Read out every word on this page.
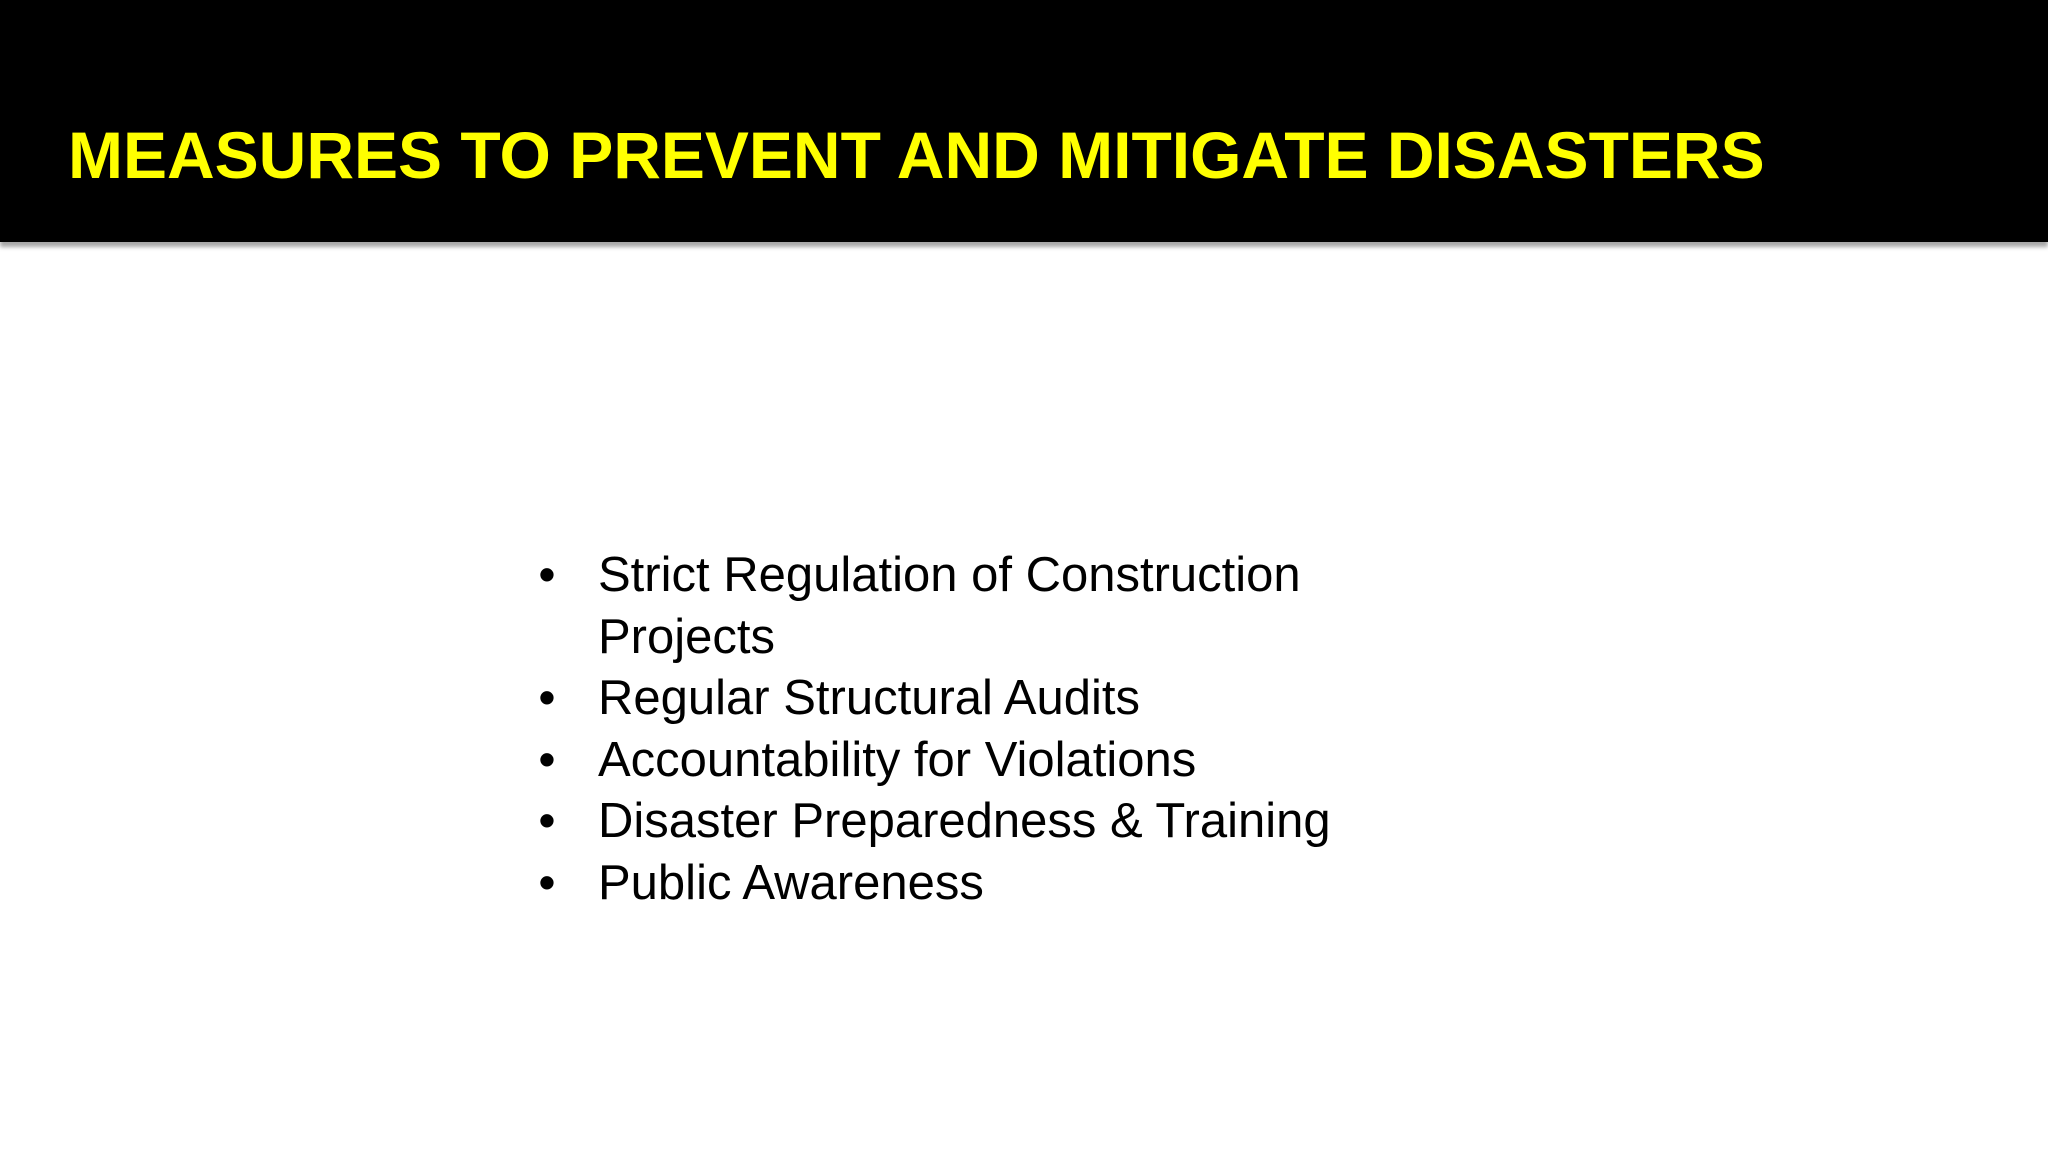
MEASURES TO PREVENT AND MITIGATE DISASTERS
• Strict Regulation of Construction Projects
• Regular Structural Audits
• Accountability for Violations
• Disaster Preparedness & Training
• Public Awareness
